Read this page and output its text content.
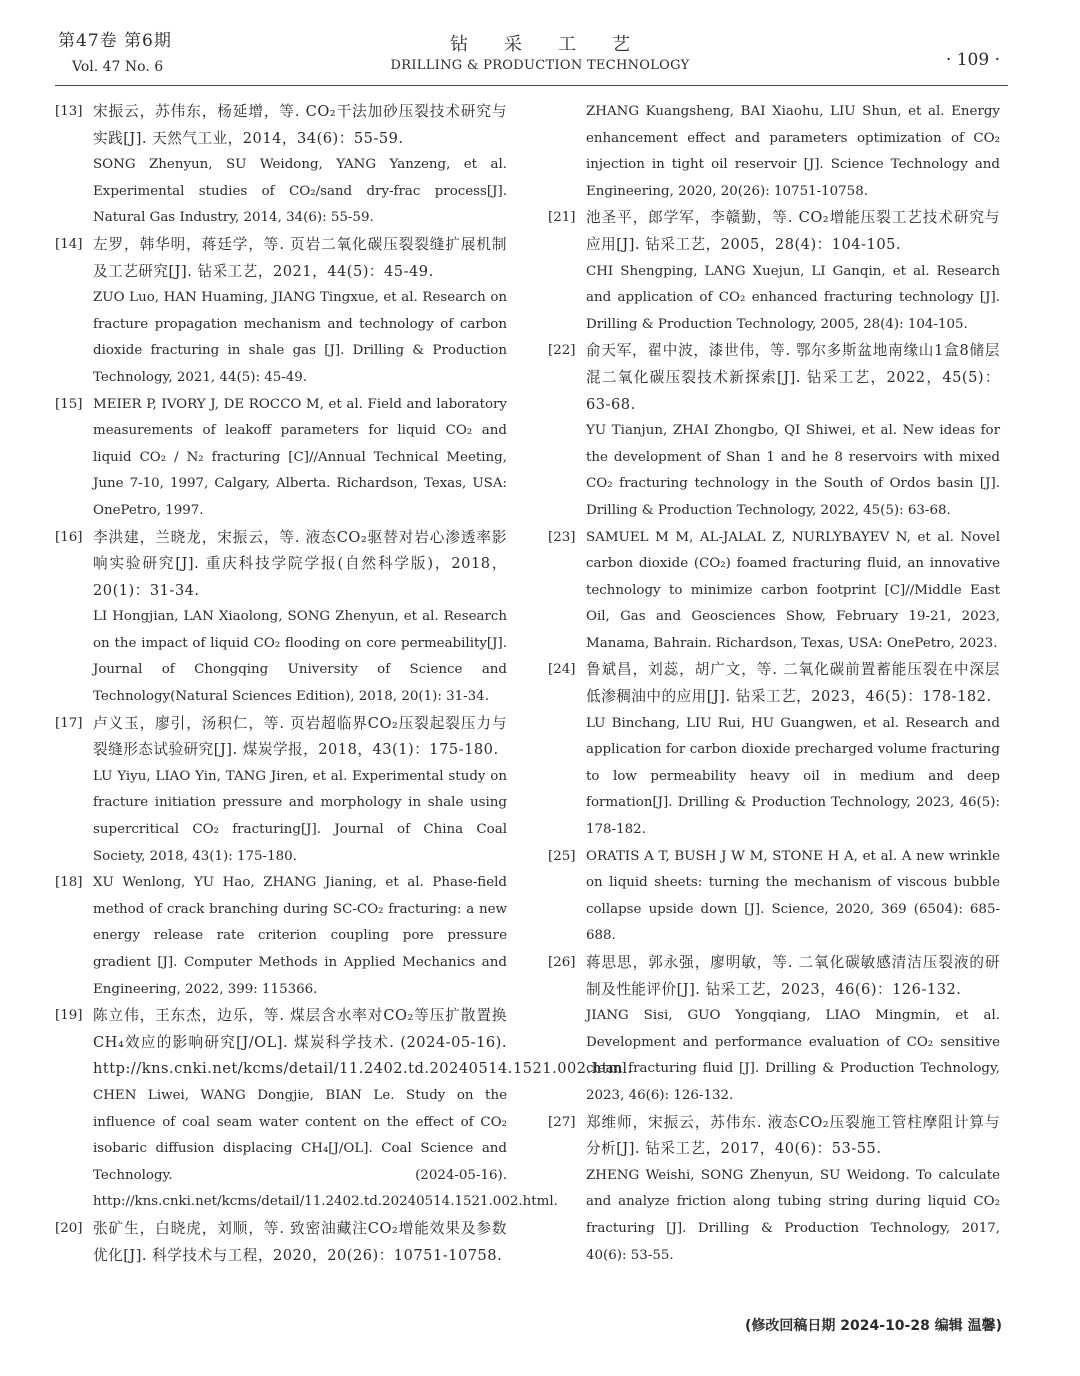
第47卷 第6期
Vol. 47 No. 6
钻采工艺
DRILLING & PRODUCTION TECHNOLOGY	· 109 ·
[13] 宋振云，苏伟东，杨延增，等. CO₂干法加砂压裂技术研究与实践[J]. 天然气工业，2014，34(6)：55-59.

SONG Zhenyun, SU Weidong, YANG Yanzeng, et al. Experimental studies of CO₂/sand dry-frac process[J]. Natural Gas Industry, 2014, 34(6): 55-59.

[14] 左罗，韩华明，蒋廷学，等. 页岩二氧化碳压裂裂缝扩展机制及工艺研究[J]. 钻采工艺，2021，44(5)：45-49.

ZUO Luo, HAN Huaming, JIANG Tingxue, et al. Research on fracture propagation mechanism and technology of carbon dioxide fracturing in shale gas [J]. Drilling & Production Technology, 2021, 44(5): 45-49.

[15] MEIER P, IVORY J, DE ROCCO M, et al. Field and laboratory measurements of leakoff parameters for liquid CO₂ and liquid CO₂ / N₂ fracturing [C]//Annual Technical Meeting, June 7-10, 1997, Calgary, Alberta. Richardson, Texas, USA: OnePetro, 1997.

[16] 李洪建，兰晓龙，宋振云，等. 液态CO₂驱替对岩心渗透率影响实验研究[J]. 重庆科技学院学报(自然科学版)，2018，20(1)：31-34.

LI Hongjian, LAN Xiaolong, SONG Zhenyun, et al. Research on the impact of liquid CO₂ flooding on core permeability[J]. Journal of Chongqing University of Science and Technology(Natural Sciences Edition), 2018, 20(1): 31-34.

[17] 卢义玉，廖引，汤积仁，等. 页岩超临界CO₂压裂起裂压力与裂缝形态试验研究[J]. 煤炭学报，2018，43(1)：175-180.

LU Yiyu, LIAO Yin, TANG Jiren, et al. Experimental study on fracture initiation pressure and morphology in shale using supercritical CO₂ fracturing[J]. Journal of China Coal Society, 2018, 43(1): 175-180.

[18] XU Wenlong, YU Hao, ZHANG Jianing, et al. Phase-field method of crack branching during SC-CO₂ fracturing: a new energy release rate criterion coupling pore pressure gradient [J]. Computer Methods in Applied Mechanics and Engineering, 2022, 399: 115366.

[19] 陈立伟，王东杰，边乐，等. 煤层含水率对CO₂等压扩散置换CH₄效应的影响研究[J/OL]. 煤炭科学技术. (2024-05-16). http://kns.cnki.net/kcms/detail/11.2402.td.20240514.1521.002.html.

CHEN Liwei, WANG Dongjie, BIAN Le. Study on the influence of coal seam water content on the effect of CO₂ isobaric diffusion displacing CH₄[J/OL]. Coal Science and Technology. (2024-05-16). http://kns.cnki.net/kcms/detail/11.2402.td.20240514.1521.002.html.

[20] 张矿生，白晓虎，刘顺，等. 致密油藏注CO₂增能效果及参数优化[J]. 科学技术与工程，2020，20(26)：10751-10758.

ZHANG Kuangsheng, BAI Xiaohu, LIU Shun, et al. Energy enhancement effect and parameters optimization of CO₂ injection in tight oil reservoir [J]. Science Technology and Engineering, 2020, 20(26): 10751-10758.

[21] 池圣平，郎学军，李赣勤，等. CO₂增能压裂工艺技术研究与应用[J]. 钻采工艺，2005，28(4)：104-105.

CHI Shengping, LANG Xuejun, LI Ganqin, et al. Research and application of CO₂ enhanced fracturing technology [J]. Drilling & Production Technology, 2005, 28(4): 104-105.

[22] 俞天军，翟中波，漆世伟，等. 鄂尔多斯盆地南缘山1盒8储层混二氧化碳压裂技术新探索[J]. 钻采工艺，2022，45(5)：63-68.

YU Tianjun, ZHAI Zhongbo, QI Shiwei, et al. New ideas for the development of Shan 1 and he 8 reservoirs with mixed CO₂ fracturing technology in the South of Ordos basin [J]. Drilling & Production Technology, 2022, 45(5): 63-68.

[23] SAMUEL M M, AL-JALAL Z, NURLYBAYEV N, et al. Novel carbon dioxide (CO₂) foamed fracturing fluid, an innovative technology to minimize carbon footprint [C]//Middle East Oil, Gas and Geosciences Show, February 19-21, 2023, Manama, Bahrain. Richardson, Texas, USA: OnePetro, 2023.

[24] 鲁斌昌，刘蕊，胡广文，等. 二氧化碳前置蓄能压裂在中深层低渗稠油中的应用[J]. 钻采工艺，2023，46(5)：178-182.

LU Binchang, LIU Rui, HU Guangwen, et al. Research and application for carbon dioxide precharged volume fracturing to low permeability heavy oil in medium and deep formation[J]. Drilling & Production Technology, 2023, 46(5): 178-182.

[25] ORATIS A T, BUSH J W M, STONE H A, et al. A new wrinkle on liquid sheets: turning the mechanism of viscous bubble collapse upside down [J]. Science, 2020, 369 (6504): 685-688.

[26] 蒋思思，郭永强，廖明敏，等. 二氧化碳敏感清洁压裂液的研制及性能评价[J]. 钻采工艺，2023，46(6)：126-132.

JIANG Sisi, GUO Yongqiang, LIAO Mingmin, et al. Development and performance evaluation of CO₂ sensitive clean fracturing fluid [J]. Drilling & Production Technology, 2023, 46(6): 126-132.

[27] 郑维师，宋振云，苏伟东. 液态CO₂压裂施工管柱摩阻计算与分析[J]. 钻采工艺，2017，40(6)：53-55.

ZHENG Weishi, SONG Zhenyun, SU Weidong. To calculate and analyze friction along tubing string during liquid CO₂ fracturing [J]. Drilling & Production Technology, 2017, 40(6): 53-55.

(修改回稿日期 2024-10-28 编辑 温馨)
